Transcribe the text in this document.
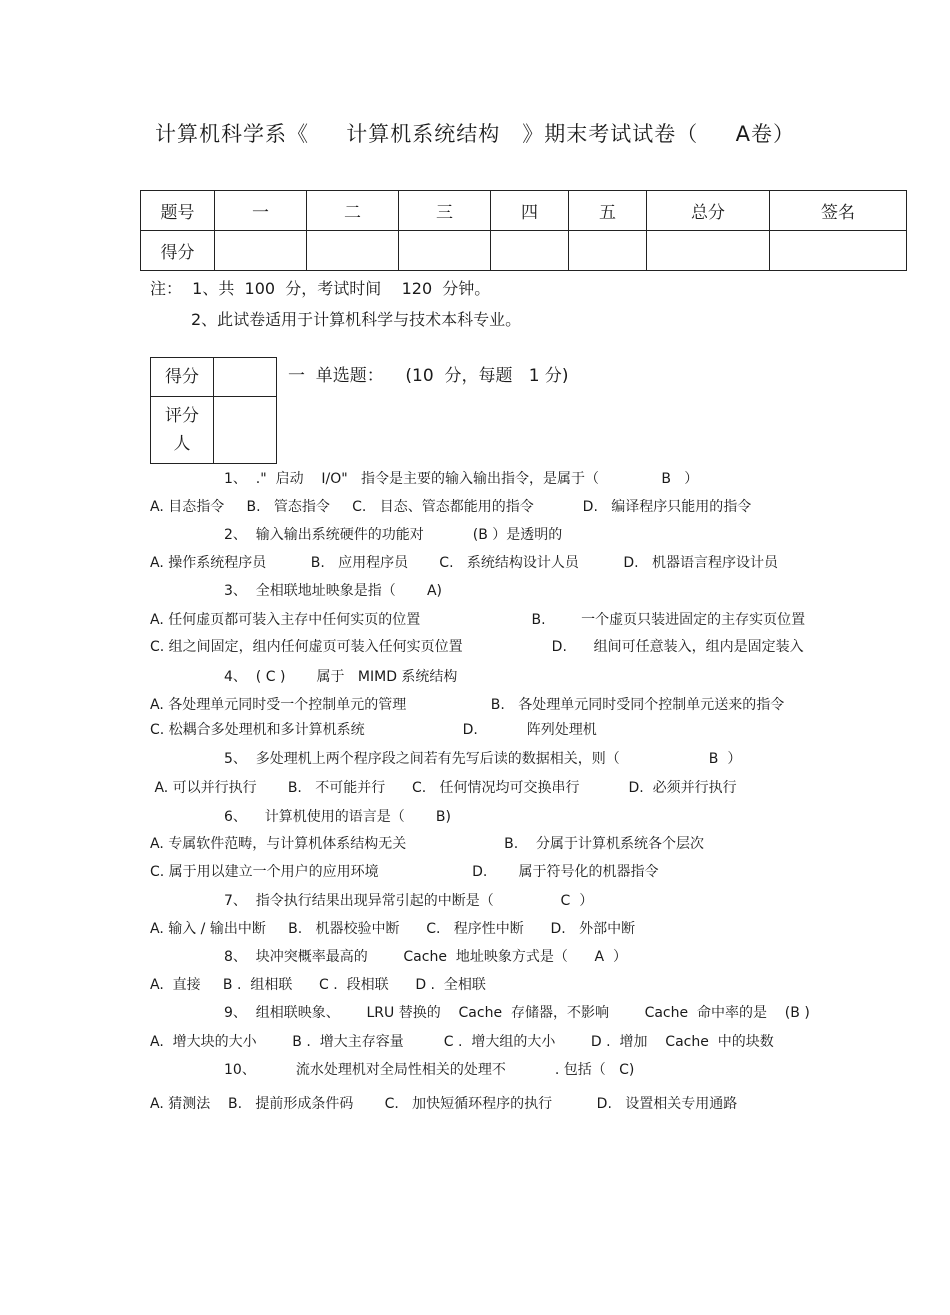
计算机科学系《　  计算机系统结构　》期末考试试卷（　  A卷）
题号	一	二	三	四	五	总分	签名
得分							
注：  1、共  100  分，考试时间    120  分钟。
2、此试卷适用于计算机科学与技术本科专业。
得分	

评分
人	

一  单选题：    (10  分，每题   1 分)
1、  ."  启动    I/O"   指令是主要的输入输出指令，是属于（              B   ）
A. 目态指令     B.   管态指令     C.   目态、管态都能用的指令           D.   编译程序只能用的指令
2、  输入输出系统硬件的功能对           (B ）是透明的
A. 操作系统程序员          B.   应用程序员       C.   系统结构设计人员          D.   机器语言程序设计员
3、  全相联地址映象是指（       A)
A. 任何虚页都可装入主存中任何实页的位置                         B.        一个虚页只装进固定的主存实页位置
C. 组之间固定，组内任何虚页可装入任何实页位置                    D.      组间可任意装入，组内是固定装入
4、  ( C )       属于   MIMD 系统结构
A. 各处理单元同时受一个控制单元的管理                   B.   各处理单元同时受同个控制单元送来的指令
C. 松耦合多处理机和多计算机系统                      D.           阵列处理机
5、  多处理机上两个程序段之间若有先写后读的数据相关，则（                    B  ）
A. 可以并行执行       B.   不可能并行      C.   任何情况均可交换串行           D.  必须并行执行
6、    计算机使用的语言是（       B)
A. 专属软件范畴，与计算机体系结构无关                      B.    分属于计算机系统各个层次
C. 属于用以建立一个用户的应用环境                     D.       属于符号化的机器指令
7、  指令执行结果出现异常引起的中断是（               C  ）
A. 输入 / 输出中断     B.   机器校验中断      C.   程序性中断      D.   外部中断
8、  块冲突概率最高的        Cache  地址映象方式是（      A  ）
A.  直接     B .  组相联      C .  段相联      D .  全相联
9、  组相联映象、      LRU 替换的    Cache  存储器，不影响        Cache  命中率的是    (B )
A.  增大块的大小        B .  增大主存容量         C .  增大组的大小        D .  增加    Cache  中的块数
10、         流水处理机对全局性相关的处理不           . 包括（   C)
A. 猜测法    B.   提前形成条件码       C.   加快短循环程序的执行          D.   设置相关专用通路
